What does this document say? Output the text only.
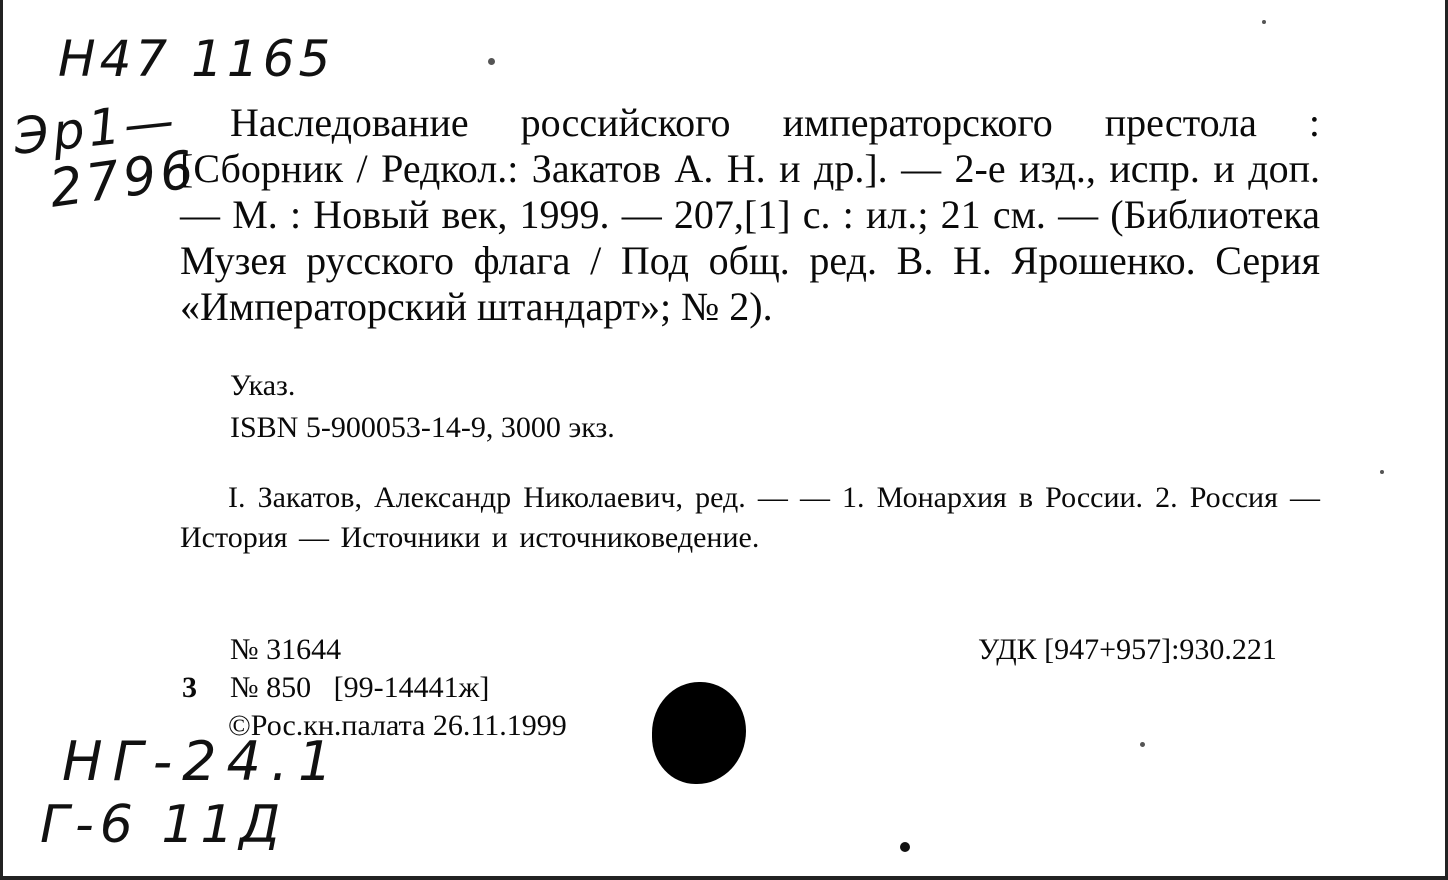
Н47 1165
Эр1—
2796
НГ-24.1
Г-6 11Д
Наследование российского императорского престола : [Сборник / Редкол.: Закатов А. Н. и др.]. — 2-е изд., испр. и доп. — М. : Новый век, 1999. — 207,[1] с. : ил.; 21 см. — (Библиотека Музея русского флага / Под общ. ред. В. Н. Ярошенко. Серия «Императорский штандарт»; № 2).
Указ.
ISBN 5-900053-14-9, 3000 экз.
I. Закатов, Александр Николаевич, ред. — — 1. Монархия в России. 2. Россия — История — Источники и источниковедение.
№ 31644	УДК [947+957]:930.221
3 № 850   [99-14441ж]
©Рос.кн.палата 26.11.1999
